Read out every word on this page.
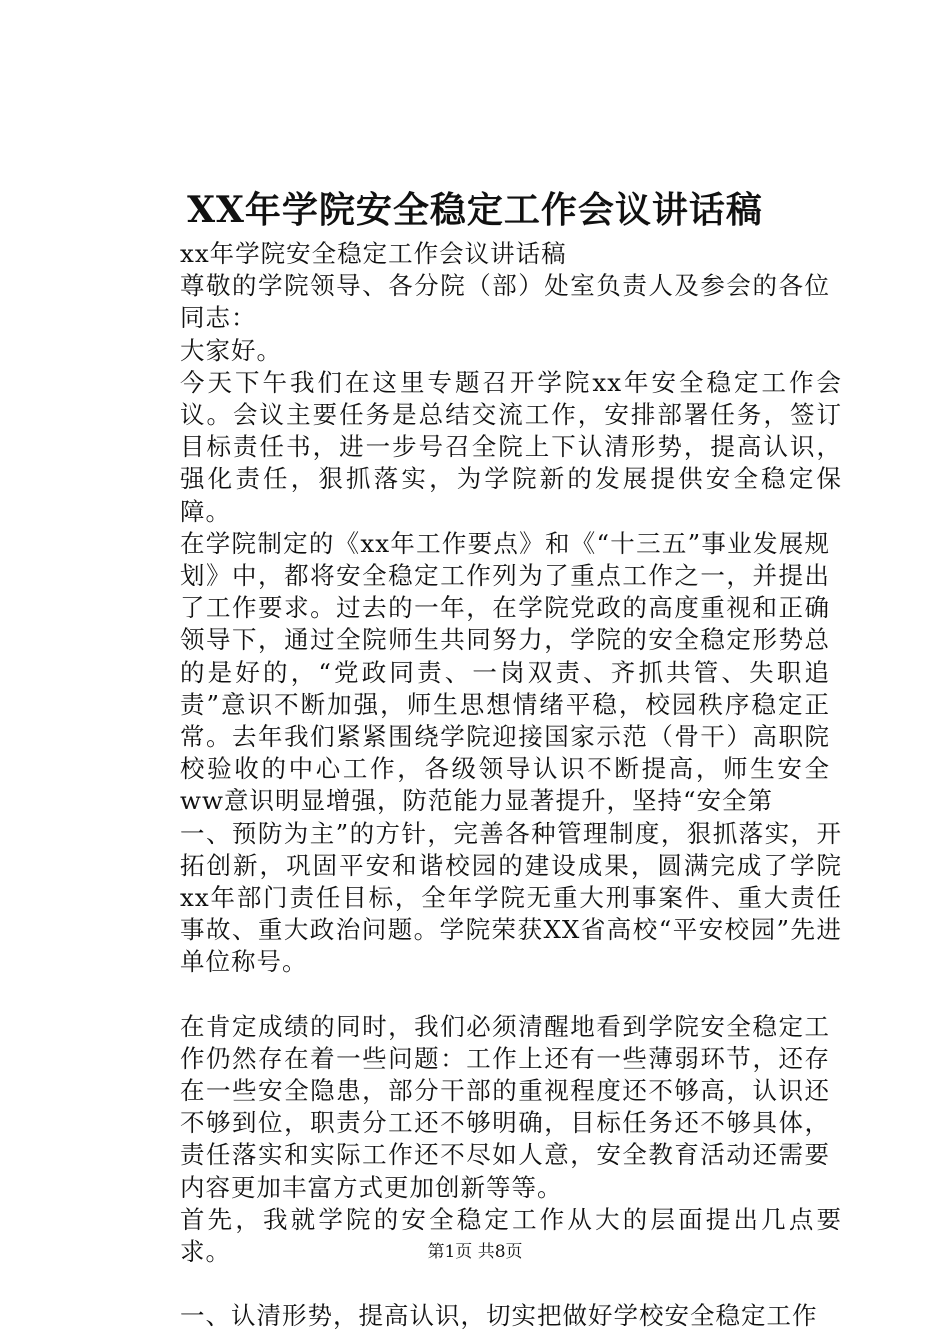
XX年学院安全稳定工作会议讲话稿

xx年学院安全稳定工作会议讲话稿

尊敬的学院领导、各分院（部）处室负责人及参会的各位同志：

大家好。

今天下午我们在这里专题召开学院xx年安全稳定工作会议。会议主要任务是总结交流工作，安排部署任务，签订目标责任书，进一步号召全院上下认清形势，提高认识，强化责任，狠抓落实，为学院新的发展提供安全稳定保障。

在学院制定的《xx年工作要点》和《“十三五”事业发展规划》中，都将安全稳定工作列为了重点工作之一，并提出了工作要求。过去的一年，在学院党政的高度重视和正确领导下，通过全院师生共同努力，学院的安全稳定形势总的是好的，“党政同责、一岗双责、齐抓共管、失职追责”意识不断加强，师生思想情绪平稳，校园秩序稳定正常。去年我们紧紧围绕学院迎接国家示范（骨干）高职院校验收的中心工作，各级领导认识不断提高，师生安全ww意识明显增强，防范能力显著提升，坚持“安全第

一、预防为主”的方针，完善各种管理制度，狠抓落实，开拓创新，巩固平安和谐校园的建设成果，圆满完成了学院xx年部门责任目标，全年学院无重大刑事案件、重大责任事故、重大政治问题。学院荣获XX省高校“平安校园”先进单位称号。

在肯定成绩的同时，我们必须清醒地看到学院安全稳定工作仍然存在着一些问题：工作上还有一些薄弱环节，还存在一些安全隐患，部分干部的重视程度还不够高，认识还不够到位，职责分工还不够明确，目标任务还不够具体，责任落实和实际工作还不尽如人意，安全教育活动还需要内容更加丰富方式更加创新等等。

首先，我就学院的安全稳定工作从大的层面提出几点要求。

一、认清形势，提高认识，切实把做好学校安全稳定工作

第1页 共8页
